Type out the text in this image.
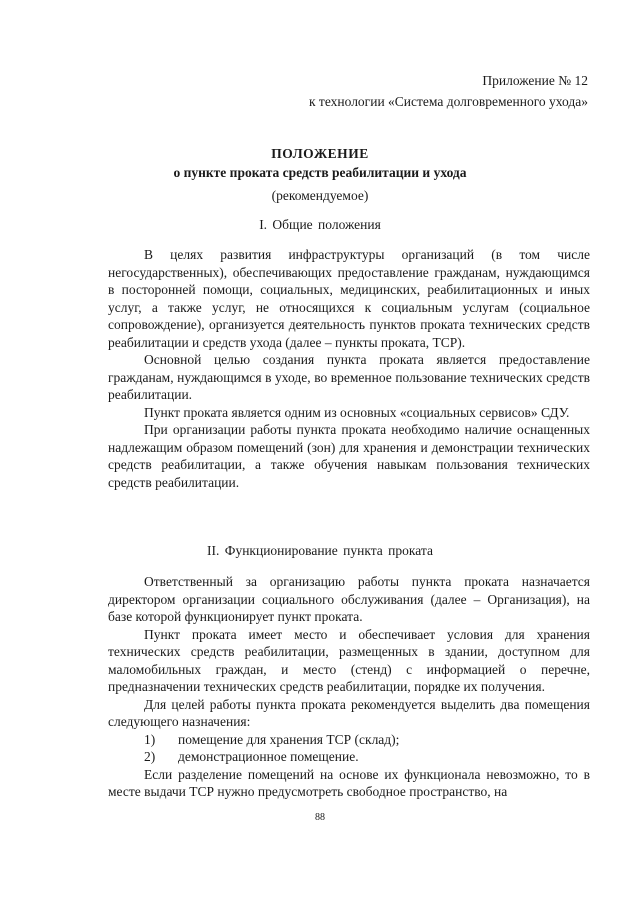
Приложение № 12
к технологии «Система долговременного ухода»
ПОЛОЖЕНИЕ
о пункте проката средств реабилитации и ухода
(рекомендуемое)
I. Общие положения

В целях развития инфраструктуры организаций (в том числе негосударственных), обеспечивающих предоставление гражданам, нуждающимся в посторонней помощи, социальных, медицинских, реабилитационных и иных услуг, а также услуг, не относящихся к социальным услугам (социальное сопровождение), организуется деятельность пунктов проката технических средств реабилитации и средств ухода (далее – пункты проката, ТСР).

Основной целью создания пункта проката является предоставление гражданам, нуждающимся в уходе, во временное пользование технических средств реабилитации.

Пункт проката является одним из основных «социальных сервисов» СДУ.

При организации работы пункта проката необходимо наличие оснащенных надлежащим образом помещений (зон) для хранения и демонстрации технических средств реабилитации, а также обучения навыкам пользования технических средств реабилитации.

II. Функционирование пункта проката

Ответственный за организацию работы пункта проката назначается директором организации социального обслуживания (далее – Организация), на базе которой функционирует пункт проката.

Пункт проката имеет место и обеспечивает условия для хранения технических средств реабилитации, размещенных в здании, доступном для маломобильных граждан, и место (стенд) с информацией о перечне, предназначении технических средств реабилитации, порядке их получения.

Для целей работы пункта проката рекомендуется выделить два помещения следующего назначения:

1)	помещение для хранения ТСР (склад);
2)	демонстрационное помещение.

Если разделение помещений на основе их функционала невозможно, то в месте выдачи ТСР нужно предусмотреть свободное пространство, на

88
